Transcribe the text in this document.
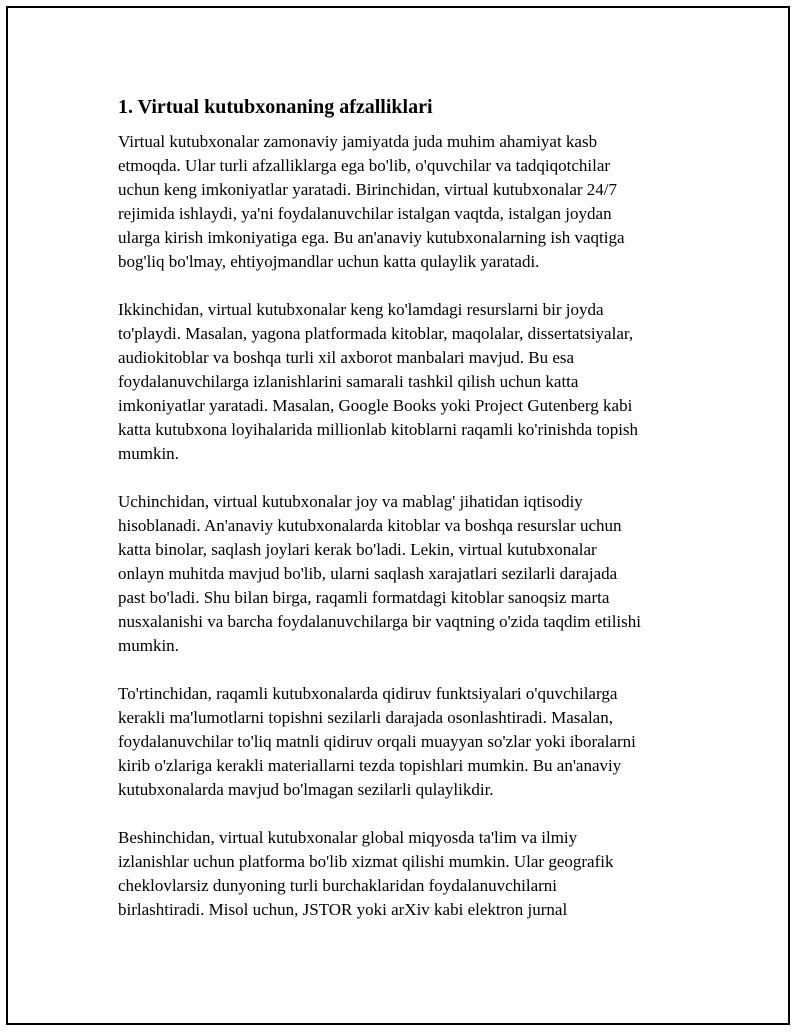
1. Virtual kutubxonaning afzalliklari

Virtual kutubxonalar zamonaviy jamiyatda juda muhim ahamiyat kasb
etmoqda. Ular turli afzalliklarga ega bo'lib, o'quvchilar va tadqiqotchilar
uchun keng imkoniyatlar yaratadi. Birinchidan, virtual kutubxonalar 24/7
rejimida ishlaydi, ya'ni foydalanuvchilar istalgan vaqtda, istalgan joydan
ularga kirish imkoniyatiga ega. Bu an'anaviy kutubxonalarning ish vaqtiga
bog'liq bo'lmay, ehtiyojmandlar uchun katta qulaylik yaratadi.

Ikkinchidan, virtual kutubxonalar keng ko'lamdagi resurslarni bir joyda
to'playdi. Masalan, yagona platformada kitoblar, maqolalar, dissertatsiyalar,
audiokitoblar va boshqa turli xil axborot manbalari mavjud. Bu esa
foydalanuvchilarga izlanishlarini samarali tashkil qilish uchun katta
imkoniyatlar yaratadi. Masalan, Google Books yoki Project Gutenberg kabi
katta kutubxona loyihalarida millionlab kitoblarni raqamli ko'rinishda topish
mumkin.

Uchinchidan, virtual kutubxonalar joy va mablag' jihatidan iqtisodiy
hisoblanadi. An'anaviy kutubxonalarda kitoblar va boshqa resurslar uchun
katta binolar, saqlash joylari kerak bo'ladi. Lekin, virtual kutubxonalar
onlayn muhitda mavjud bo'lib, ularni saqlash xarajatlari sezilarli darajada
past bo'ladi. Shu bilan birga, raqamli formatdagi kitoblar sanoqsiz marta
nusxalanishi va barcha foydalanuvchilarga bir vaqtning o'zida taqdim etilishi
mumkin.

To'rtinchidan, raqamli kutubxonalarda qidiruv funktsiyalari o'quvchilarga
kerakli ma'lumotlarni topishni sezilarli darajada osonlashtiradi. Masalan,
foydalanuvchilar to'liq matnli qidiruv orqali muayyan so'zlar yoki iboralarni
kirib o'zlariga kerakli materiallarni tezda topishlari mumkin. Bu an'anaviy
kutubxonalarda mavjud bo'lmagan sezilarli qulaylikdir.

Beshinchidan, virtual kutubxonalar global miqyosda ta'lim va ilmiy
izlanishlar uchun platforma bo'lib xizmat qilishi mumkin. Ular geografik
cheklovlarsiz dunyoning turli burchaklaridan foydalanuvchilarni
birlashtiradi. Misol uchun, JSTOR yoki arXiv kabi elektron jurnal
